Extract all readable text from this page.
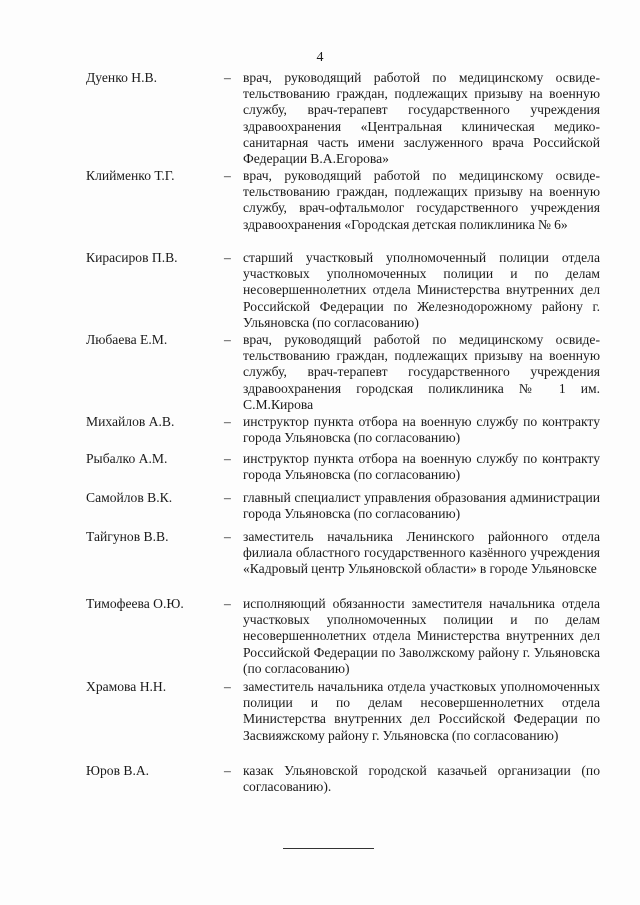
4
Дуенко Н.В.	– врач, руководящий работой по медицинскому освидетельствованию граждан, подлежащих призыву на военную службу, врач-терапевт государственного учреждения здравоохранения «Центральная клиническая медико-санитарная часть имени заслуженного врача Российской Федерации В.А.Егорова»
Клийменко Т.Г.	– врач, руководящий работой по медицинскому освидетельствованию граждан, подлежащих призыву на военную службу, врач-офтальмолог государственного учреждения здравоохранения «Городская детская поликлиника № 6»
Кирасиров П.В.	– старший участковый уполномоченный полиции отдела участковых уполномоченных полиции и по делам несовершеннолетних отдела Министерства внутренних дел Российской Федерации по Железнодорожному району г. Ульяновска (по согласованию)
Любаева Е.М.	– врач, руководящий работой по медицинскому освидетельствованию граждан, подлежащих призыву на военную службу, врач-терапевт государственного учреждения здравоохранения городская поликлиника № 1 им. С.М.Кирова
Михайлов А.В.	– инструктор пункта отбора на военную службу по контракту города Ульяновска (по согласованию)
Рыбалко А.М.	– инструктор пункта отбора на военную службу по контракту города Ульяновска (по согласованию)
Самойлов В.К.	– главный специалист управления образования администрации города Ульяновска (по согласованию)
Тайгунов В.В.	– заместитель начальника Ленинского районного отдела филиала областного государственного казённого учреждения «Кадровый центр Ульяновской области» в городе Ульяновске
Тимофеева О.Ю.	– исполняющий обязанности заместителя начальника отдела участковых уполномоченных полиции и по делам несовершеннолетних отдела Министерства внутренних дел Российской Федерации по Заволжскому району г. Ульяновска (по согласованию)
Храмова Н.Н.	– заместитель начальника отдела участковых уполномоченных полиции и по делам несовершеннолетних отдела Министерства внутренних дел Российской Федерации по Засвияжскому району г. Ульяновска (по согласованию)
Юров В.А.	– казак Ульяновской городской казачьей организации (по согласованию).
